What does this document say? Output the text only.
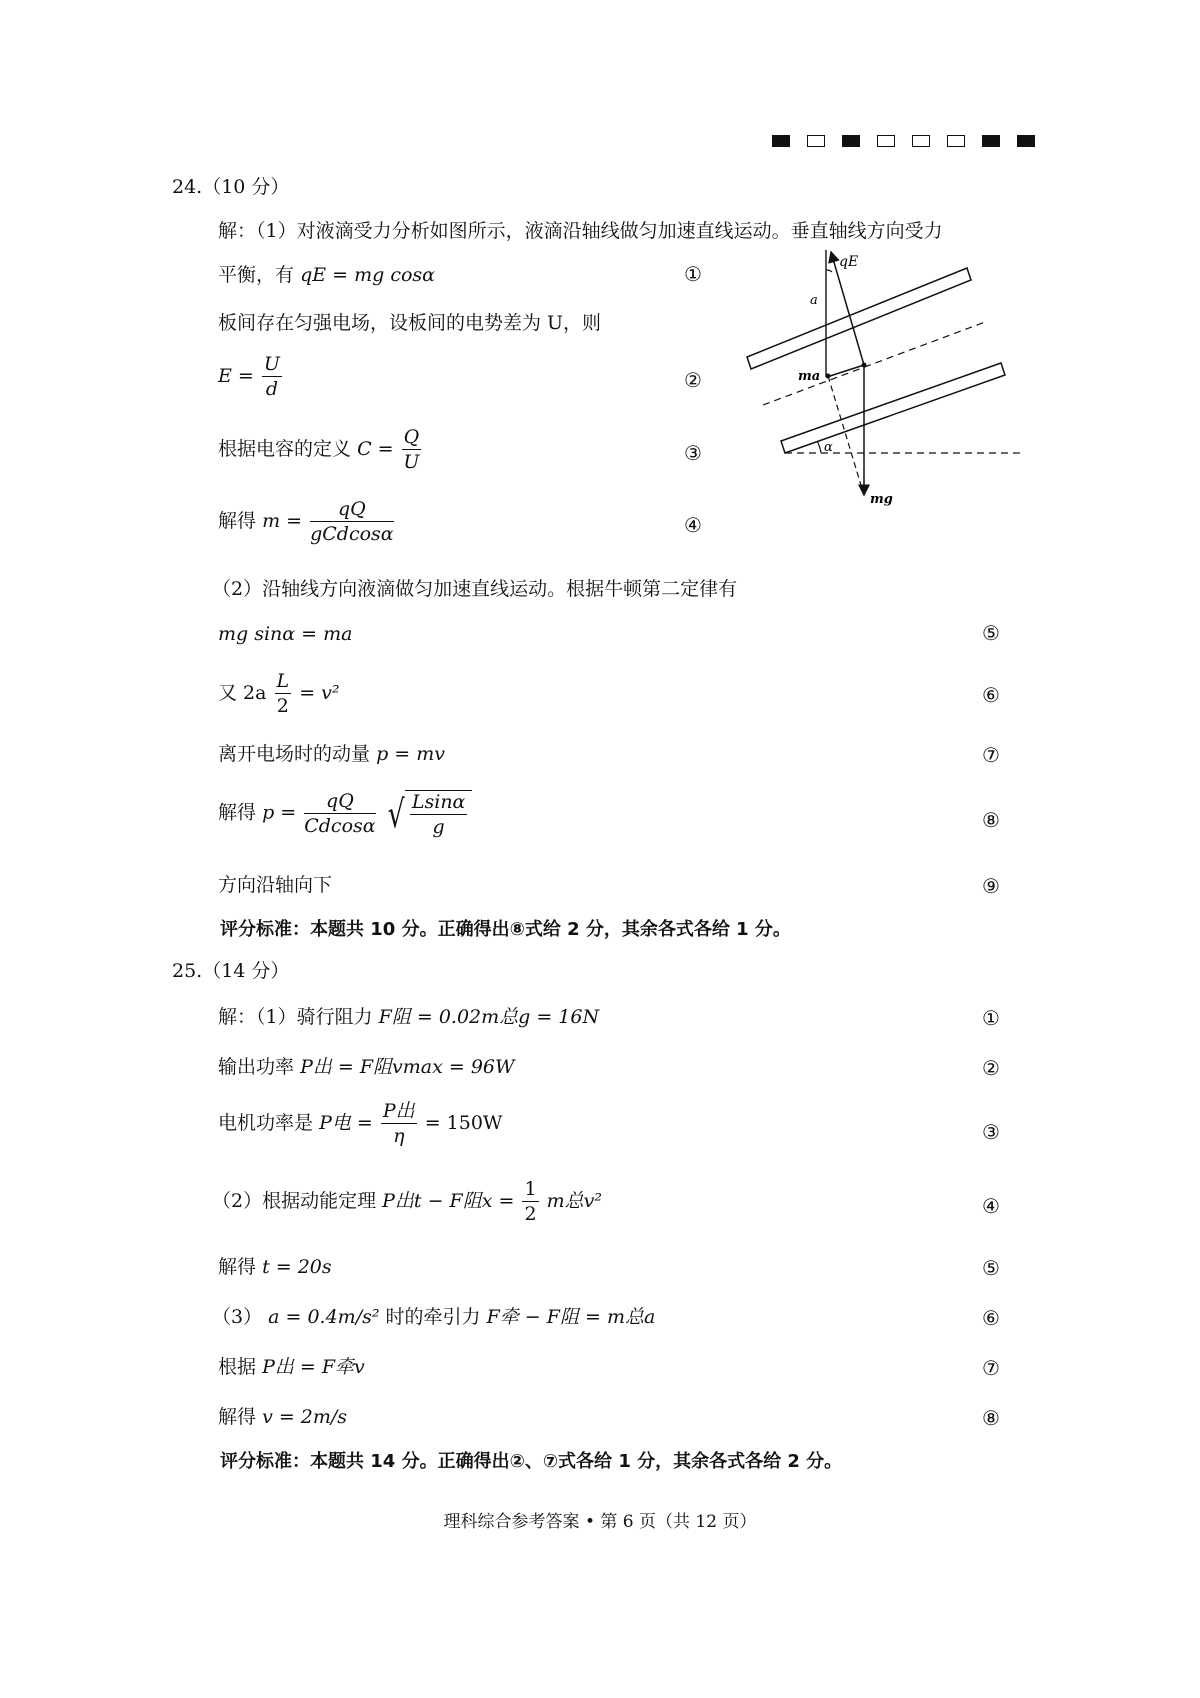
24.（10 分）
解：（1）对液滴受力分析如图所示，液滴沿轴线做匀加速直线运动。垂直轴线方向受力
平衡，有 qE = mg cosα	①
板间存在匀强电场，设板间的电势差为 U，则
$E = \frac{U}{d}$	②
根据电容的定义 $C = \frac{Q}{U}$	③
解得 $m = \frac{qQ}{\text{gCdcosα}}$	④
qE
a
ma
α
mg
（2）沿轴线方向液滴做匀加速直线运动。根据牛顿第二定律有
mg sinα = ma	⑤
又 $2a \frac{L}{2} = v^2$	⑥
离开电场时的动量 p = mv	⑦
解得 $p = \frac{qQ}{Cdcos\alpha}$ √ $\frac{Lsin\alpha}{g}$	⑧
方向沿轴向下	⑨
评分标准：本题共 10 分。正确得出⑧式给 2 分，其余各式各给 1 分。
25.（14 分）
解：（1）骑行阻力 F阻 = 0.02m总g = 16N	①
输出功率 P出 = F阻vmax = 96W	②
电机功率是 P电 = $\frac{\text{P出}}{\eta} = 150W$	③
（2）根据动能定理 P出t − F阻$x = \frac{1}{2}$ m总v²	④
解得 t = 20s	⑤
（3） a = 0.4m/s² 时的牵引力 F牵 − F阻 = m总a	⑥
根据 P出 = F牵v	⑦
解得 v = 2m/s	⑧
评分标准：本题共 14 分。正确得出②、⑦式各给 1 分，其余各式各给 2 分。
理科综合参考答案 • 第 6 页（共 12 页）
